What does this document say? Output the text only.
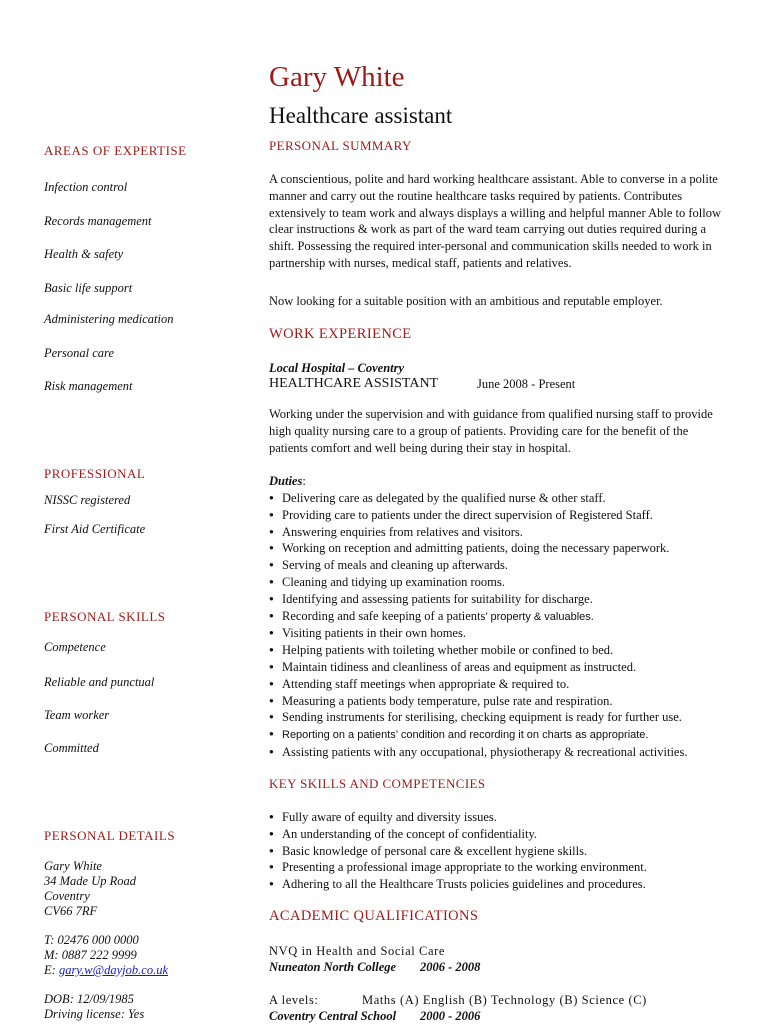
Gary White
Healthcare assistant
AREAS OF EXPERTISE
Infection control
Records management
Health & safety
Basic life support
Administering medication
Personal care
Risk management
PROFESSIONAL
NISSC registered
First Aid Certificate
PERSONAL SKILLS
Competence
Reliable and punctual
Team worker
Committed
PERSONAL DETAILS
Gary White
34 Made Up Road
Coventry
CV66 7RF
T: 02476 000 0000
M: 0887 222 9999
E: gary.w@dayjob.co.uk
DOB: 12/09/1985
Driving license: Yes
PERSONAL SUMMARY
A conscientious, polite and hard working healthcare assistant. Able to converse in a polite manner and carry out the routine healthcare tasks required by patients. Contributes extensively to team work and always displays a willing and helpful manner Able to follow clear instructions & work as part of the ward team carrying out duties required during a shift. Possessing the required inter-personal and communication skills needed to work in partnership with nurses, medical staff, patients and relatives.
Now looking for a suitable position with an ambitious and reputable employer.
WORK EXPERIENCE
Local Hospital – Coventry
HEALTHCARE ASSISTANT	June 2008 - Present
Working under the supervision and with guidance from qualified nursing staff to provide high quality nursing care to a group of patients. Providing care for the benefit of the patients comfort and well being during their stay in hospital.
Duties:
● Delivering care as delegated by the qualified nurse & other staff.
● Providing care to patients under the direct supervision of Registered Staff.
● Answering enquiries from relatives and visitors.
● Working on reception and admitting patients, doing the necessary paperwork.
● Serving of meals and cleaning up afterwards.
● Cleaning and tidying up examination rooms.
● Identifying and assessing patients for suitability for discharge.
● Recording and safe keeping of a patients’ property & valuables.
● Visiting patients in their own homes.
● Helping patients with toileting whether mobile or confined to bed.
● Maintain tidiness and cleanliness of areas and equipment as instructed.
● Attending staff meetings when appropriate & required to.
● Measuring a patients body temperature, pulse rate and respiration.
● Sending instruments for sterilising, checking equipment is ready for further use.
● Reporting on a patients’ condition and recording it on charts as appropriate.
● Assisting patients with any occupational, physiotherapy & recreational activities.
KEY SKILLS AND COMPETENCIES
● Fully aware of equilty and diversity issues.
● An understanding of the concept of confidentiality.
● Basic knowledge of personal care & excellent hygiene skills.
● Presenting a professional image appropriate to the working environment.
● Adhering to all the Healthcare Trusts policies guidelines and procedures.
ACADEMIC QUALIFICATIONS
NVQ in Health and Social Care
Nuneaton North College 2006 - 2008
A levels:	Maths (A) English (B) Technology (B) Science (C)
Coventry Central School 2000 - 2006
